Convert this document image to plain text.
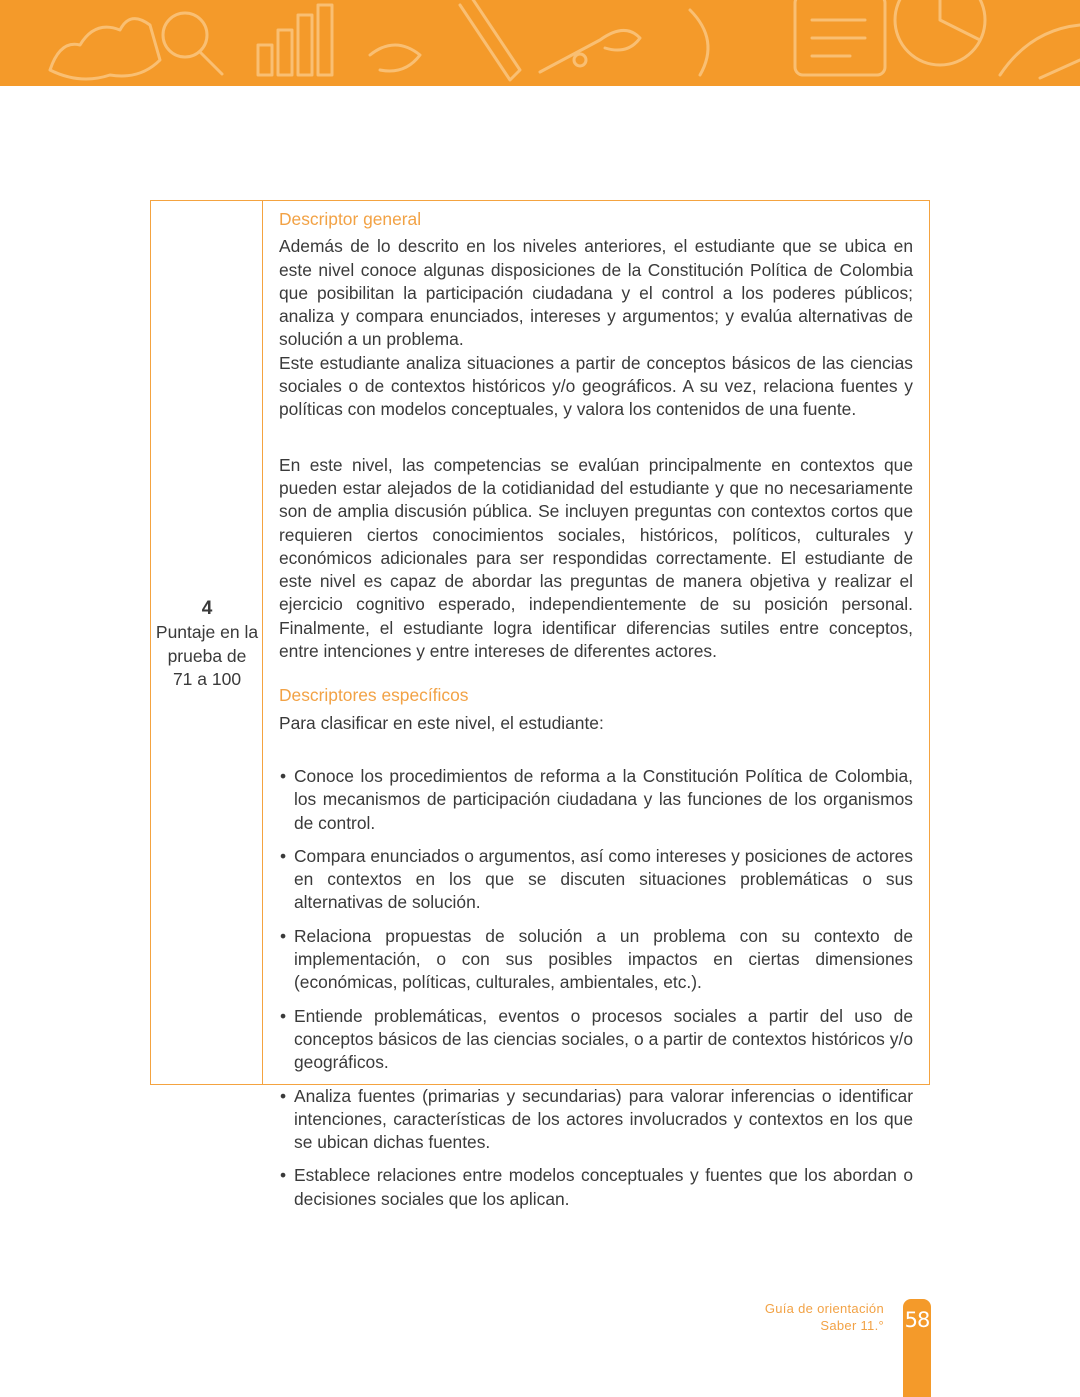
4
Puntaje en la
prueba de
71 a 100
Descriptor general

Además de lo descrito en los niveles anteriores, el estudiante que se ubica en este nivel conoce algunas disposiciones de la Constitución Política de Colombia que posibilitan la participación ciudadana y el control a los poderes públicos; analiza y compara enunciados, intereses y argumentos; y evalúa alternativas de solución a un problema.

Este estudiante analiza situaciones a partir de conceptos básicos de las ciencias sociales o de contextos históricos y/o geográficos. A su vez, relaciona fuentes y políticas con modelos conceptuales, y valora los contenidos de una fuente.

En este nivel, las competencias se evalúan principalmente en contextos que pueden estar alejados de la cotidianidad del estudiante y que no necesariamente son de amplia discusión pública. Se incluyen preguntas con contextos cortos que requieren ciertos conocimientos sociales, históricos, políticos, culturales y económicos adicionales para ser respondidas correctamente. El estudiante de este nivel es capaz de abordar las preguntas de manera objetiva y realizar el ejercicio cognitivo esperado, independientemente de su posición personal. Finalmente, el estudiante logra identificar diferencias sutiles entre conceptos, entre intenciones y entre intereses de diferentes actores.

Descriptores específicos

Para clasificar en este nivel, el estudiante:

• Conoce los procedimientos de reforma a la Constitución Política de Colombia, los mecanismos de participación ciudadana y las funciones de los organismos de control.
• Compara enunciados o argumentos, así como intereses y posiciones de actores en contextos en los que se discuten situaciones problemáticas o sus alternativas de solución.
• Relaciona propuestas de solución a un problema con su contexto de implementación, o con sus posibles impactos en ciertas dimensiones (económicas, políticas, culturales, ambientales, etc.).
• Entiende problemáticas, eventos o procesos sociales a partir del uso de conceptos básicos de las ciencias sociales, o a partir de contextos históricos y/o geográficos.
• Analiza fuentes (primarias y secundarias) para valorar inferencias o identificar intenciones, características de los actores involucrados y contextos en los que se ubican dichas fuentes.
• Establece relaciones entre modelos conceptuales y fuentes que los abordan o decisiones sociales que los aplican.
Guía de orientación
Saber 11.° 58
